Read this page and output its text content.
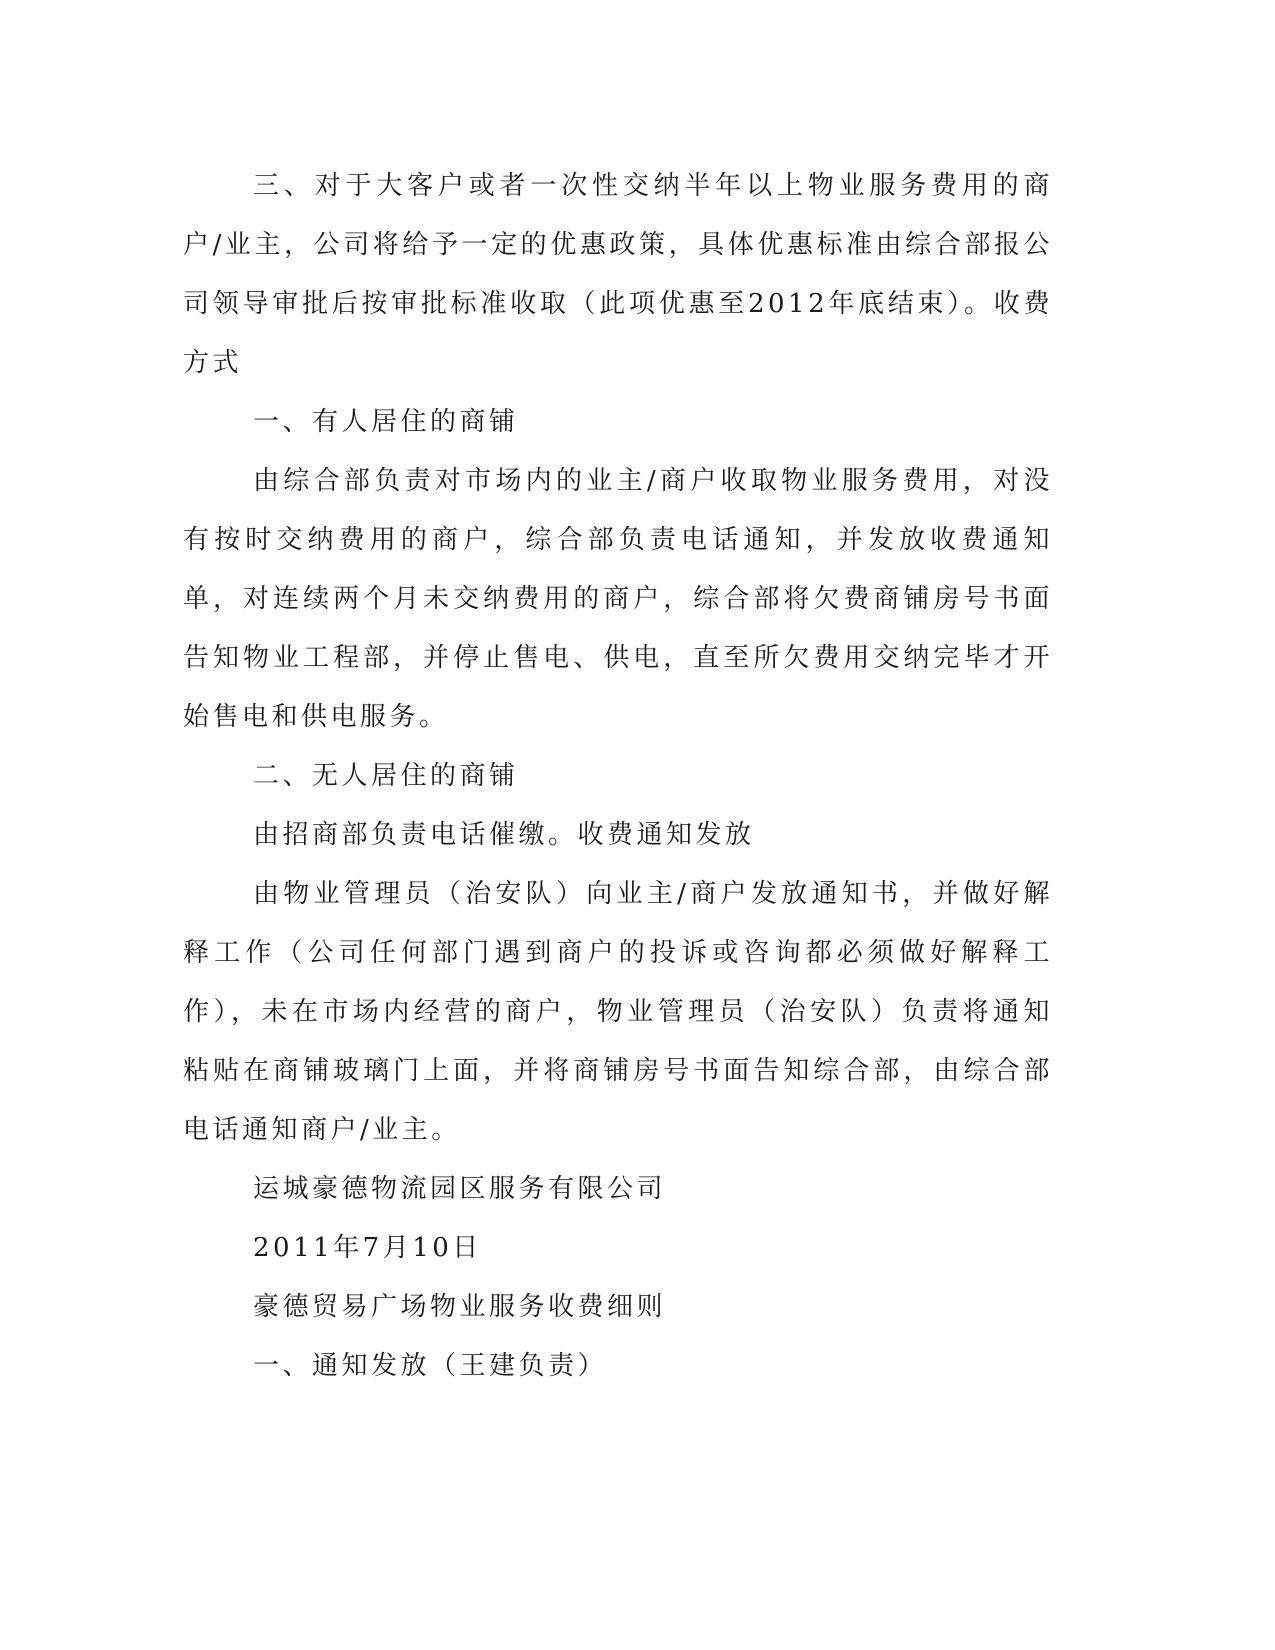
三、对于大客户或者一次性交纳半年以上物业服务费用的商户/业主，公司将给予一定的优惠政策，具体优惠标准由综合部报公司领导审批后按审批标准收取（此项优惠至2012年底结束）。收费方式

一、有人居住的商铺

由综合部负责对市场内的业主/商户收取物业服务费用，对没有按时交纳费用的商户，综合部负责电话通知，并发放收费通知单，对连续两个月未交纳费用的商户，综合部将欠费商铺房号书面告知物业工程部，并停止售电、供电，直至所欠费用交纳完毕才开始售电和供电服务。

二、无人居住的商铺

由招商部负责电话催缴。收费通知发放

由物业管理员（治安队）向业主/商户发放通知书，并做好解释工作（公司任何部门遇到商户的投诉或咨询都必须做好解释工作），未在市场内经营的商户，物业管理员（治安队）负责将通知粘贴在商铺玻璃门上面，并将商铺房号书面告知综合部，由综合部电话通知商户/业主。

运城豪德物流园区服务有限公司

2011年7月10日

豪德贸易广场物业服务收费细则

一、通知发放（王建负责）
